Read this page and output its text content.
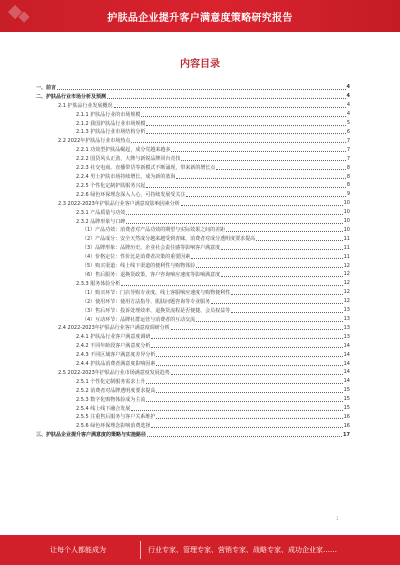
护肤品企业提升客户满意度策略研究报告
内容目录
一、前言	4
二、护肤品行业市场分析及预测	4
2.1 护肤品行业发展概况	4
2.1.1 护肤品行业的市场规模	4
2.1.2 我国护肤品行业市场规模	5
2.1.3 护肤品行业市场结构分析	6
2.2 2022年护肤品行业市场热点	7
2.2.1 功效型护肤品崛起，成分党越来越多	7
2.2.2 国货风头正劲，大牌与新锐品牌同台竞技	7
2.2.3 社交电商、直播带货等新模式不断涌现，带来新的增长点	8
2.2.4 男士护肤市场持续增长，成为新的蓝海	8
2.2.5 个性化定制护肤服务兴起	8
2.2.6 绿色环保理念深入人心，可持续发展受关注	9
2.3 2022-2023年护肤品行业客户满意度影响因素分析	10
2.3.1 产品质量与功效	10
2.3.2 品牌形象与口碑	10
（1）产品功效：消费者对产品功效的期望与实际效果之间的差距	10
（2）产品成分：安全天然成分越来越受到青睐，消费者对成分透明度要求提高	11
（3）品牌形象：品牌历史、企业社会责任感等影响客户满意度	11
（4）价格定位：性价比是消费者决策的重要因素	11
（5）购买渠道：线上线下渠道的便利性与购物体验	12
（6）售后服务：退换货政策、客户咨询响应速度等影响满意度	12
2.3.3 服务体验分析	12
（1）购买环节：门店导购专业度、线上客服响应速度与购物便利性	12
（2）使用环节：使用方法指导、肌肤问题咨询等专业服务	12
（3）售后环节：投诉处理效率、退换货流程是否便捷、会员权益等	13
（4）互动环节：品牌社群运营与消费者的互动交流	13
2.4 2022-2023年护肤品行业客户满意度调研分析	13
2.4.1 护肤品行业客户满意度调研	13
2.4.2 不同年龄段客户满意度分析	14
2.4.3 不同区域客户满意度差异分析	14
2.4.4 护肤品消费者满意度影响因素	14
2.5 2022-2023年护肤品行业市场满意度发展趋势	14
2.5.1 个性化定制服务需求上升	14
2.5.2 消费者对品牌透明度要求提高	15
2.5.3 数字化购物体验成为主流	15
2.5.4 线上线下融合发展	15
2.5.5 注重售后服务与客户关系维护	16
2.5.6 绿色环保理念影响消费选择	16
三、护肤品企业提升客户满意度的策略与实施路径	17
1
让每个人都能成为	行业专家、管理专家、营销专家、战略专家、成功企业家……
